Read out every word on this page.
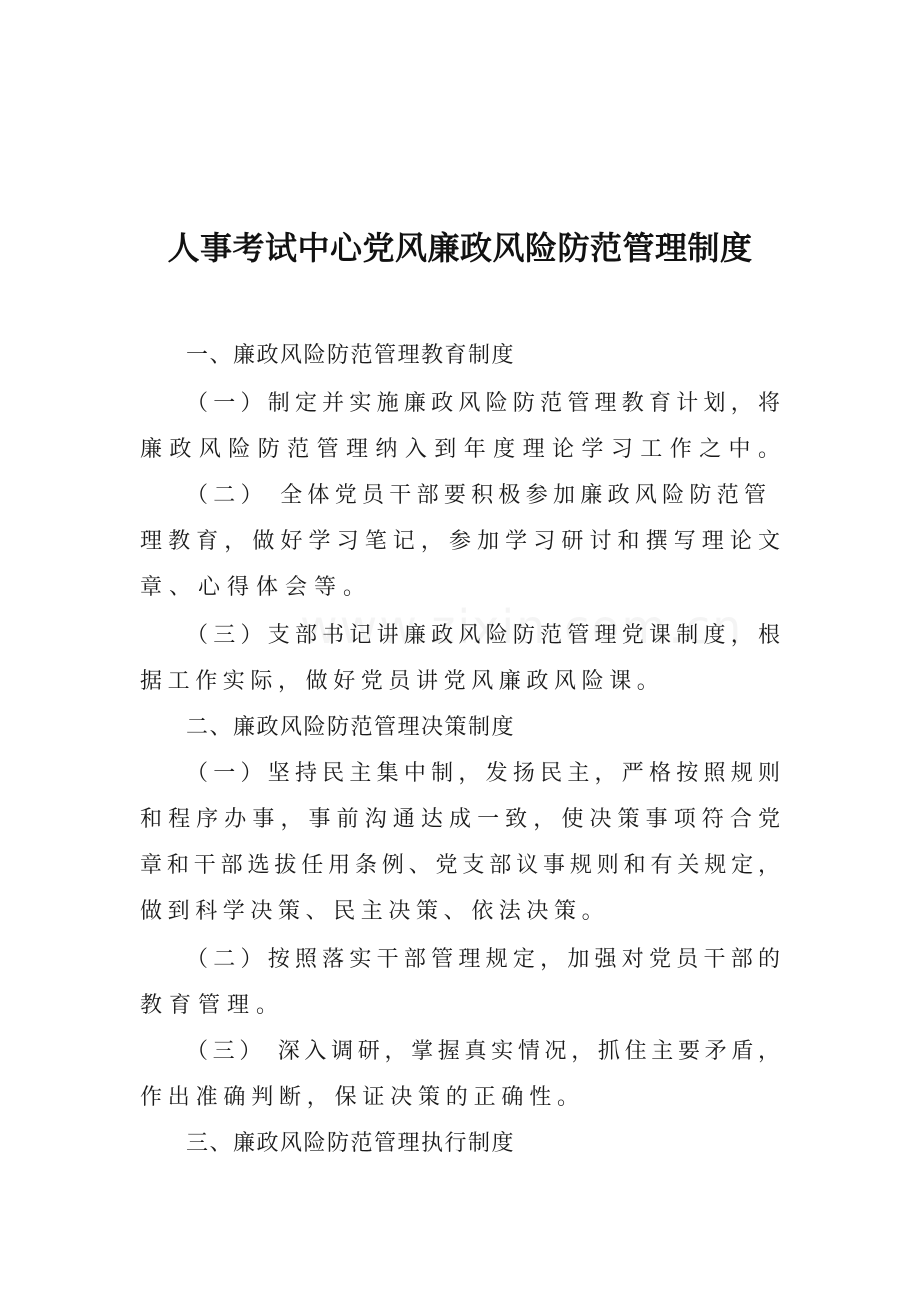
人事考试中心党风廉政风险防范管理制度
一、廉政风险防范管理教育制度
（一）制定并实施廉政风险防范管理教育计划，将
廉政风险防范管理纳入到年度理论学习工作之中。
（二） 全体党员干部要积极参加廉政风险防范管
理教育，做好学习笔记，参加学习研讨和撰写理论文
章、心得体会等。
（三）支部书记讲廉政风险防范管理党课制度，根
据工作实际，做好党员讲党风廉政风险课。
二、廉政风险防范管理决策制度
（一）坚持民主集中制，发扬民主，严格按照规则
和程序办事，事前沟通达成一致，使决策事项符合党
章和干部选拔任用条例、党支部议事规则和有关规定，
做到科学决策、民主决策、依法决策。
（二）按照落实干部管理规定，加强对党员干部的
教育管理。
（三） 深入调研，掌握真实情况，抓住主要矛盾，
作出准确判断，保证决策的正确性。
三、廉政风险防范管理执行制度
